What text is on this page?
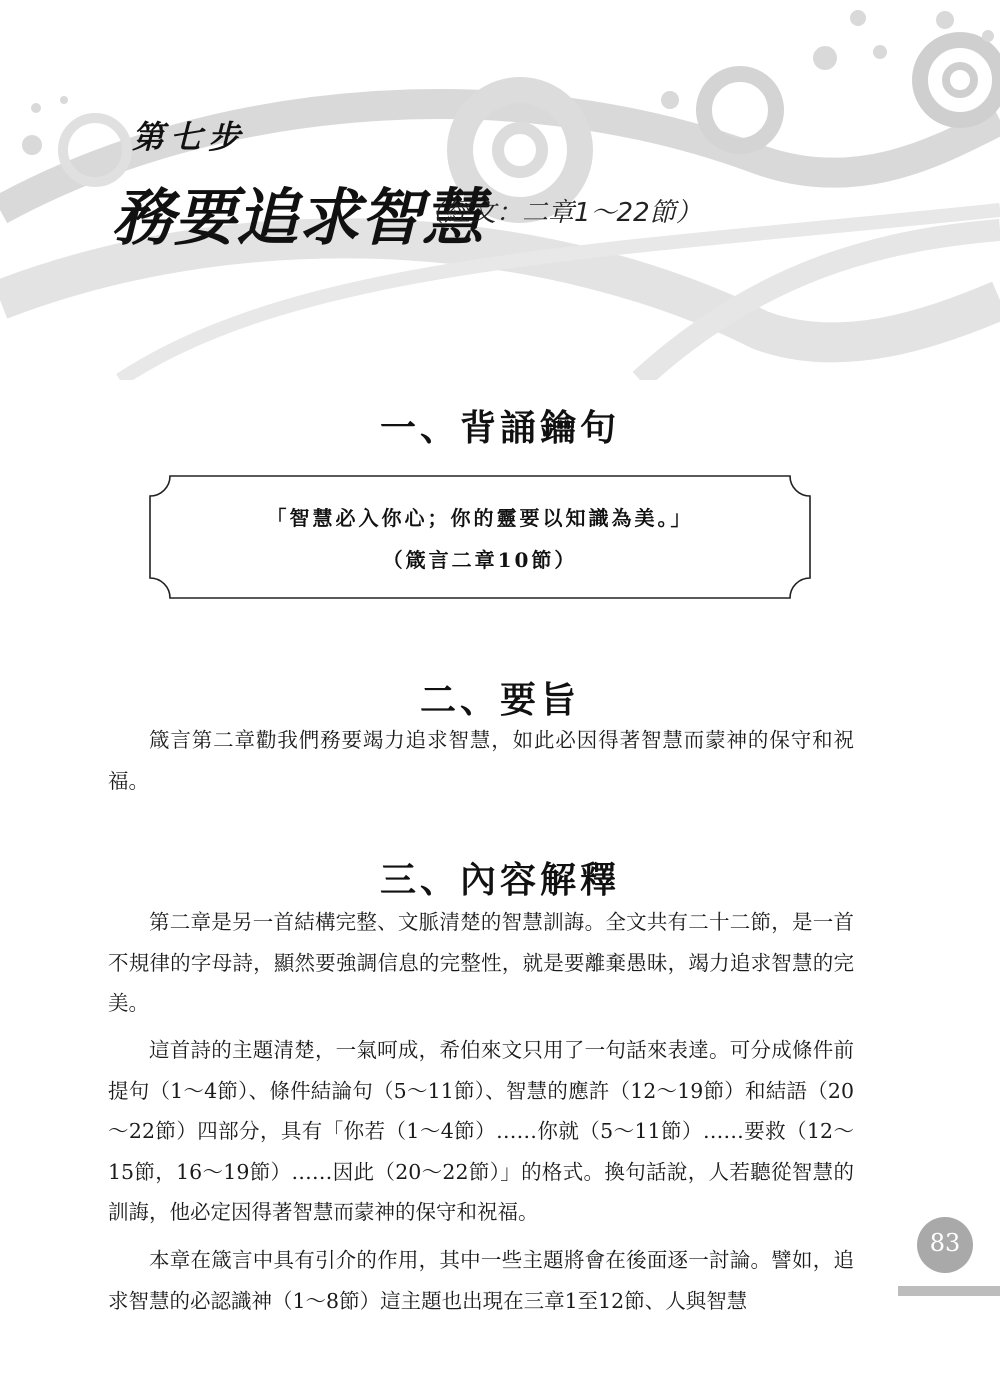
第七步
務要追求智慧
（經文：二章1～22節）
一、背誦鑰句
「智慧必入你心；你的靈要以知識為美。」
（箴言二章10節）
二、要旨

箴言第二章勸我們務要竭力追求智慧，如此必因得著智慧而蒙神的保守和祝福。

三、內容解釋

第二章是另一首結構完整、文脈清楚的智慧訓誨。全文共有二十二節，是一首不規律的字母詩，顯然要強調信息的完整性，就是要離棄愚昧，竭力追求智慧的完美。

這首詩的主題清楚，一氣呵成，希伯來文只用了一句話來表達。可分成條件前提句（1～4節）、條件結論句（5～11節）、智慧的應許（12～19節）和結語（20～22節）四部分，具有「你若（1～4節）……你就（5～11節）……要救（12～15節，16～19節）……因此（20～22節）」的格式。換句話說，人若聽從智慧的訓誨，他必定因得著智慧而蒙神的保守和祝福。

本章在箴言中具有引介的作用，其中一些主題將會在後面逐一討論。譬如，追求智慧的必認識神（1～8節）這主題也出現在三章1至12節、人與智慧

83
